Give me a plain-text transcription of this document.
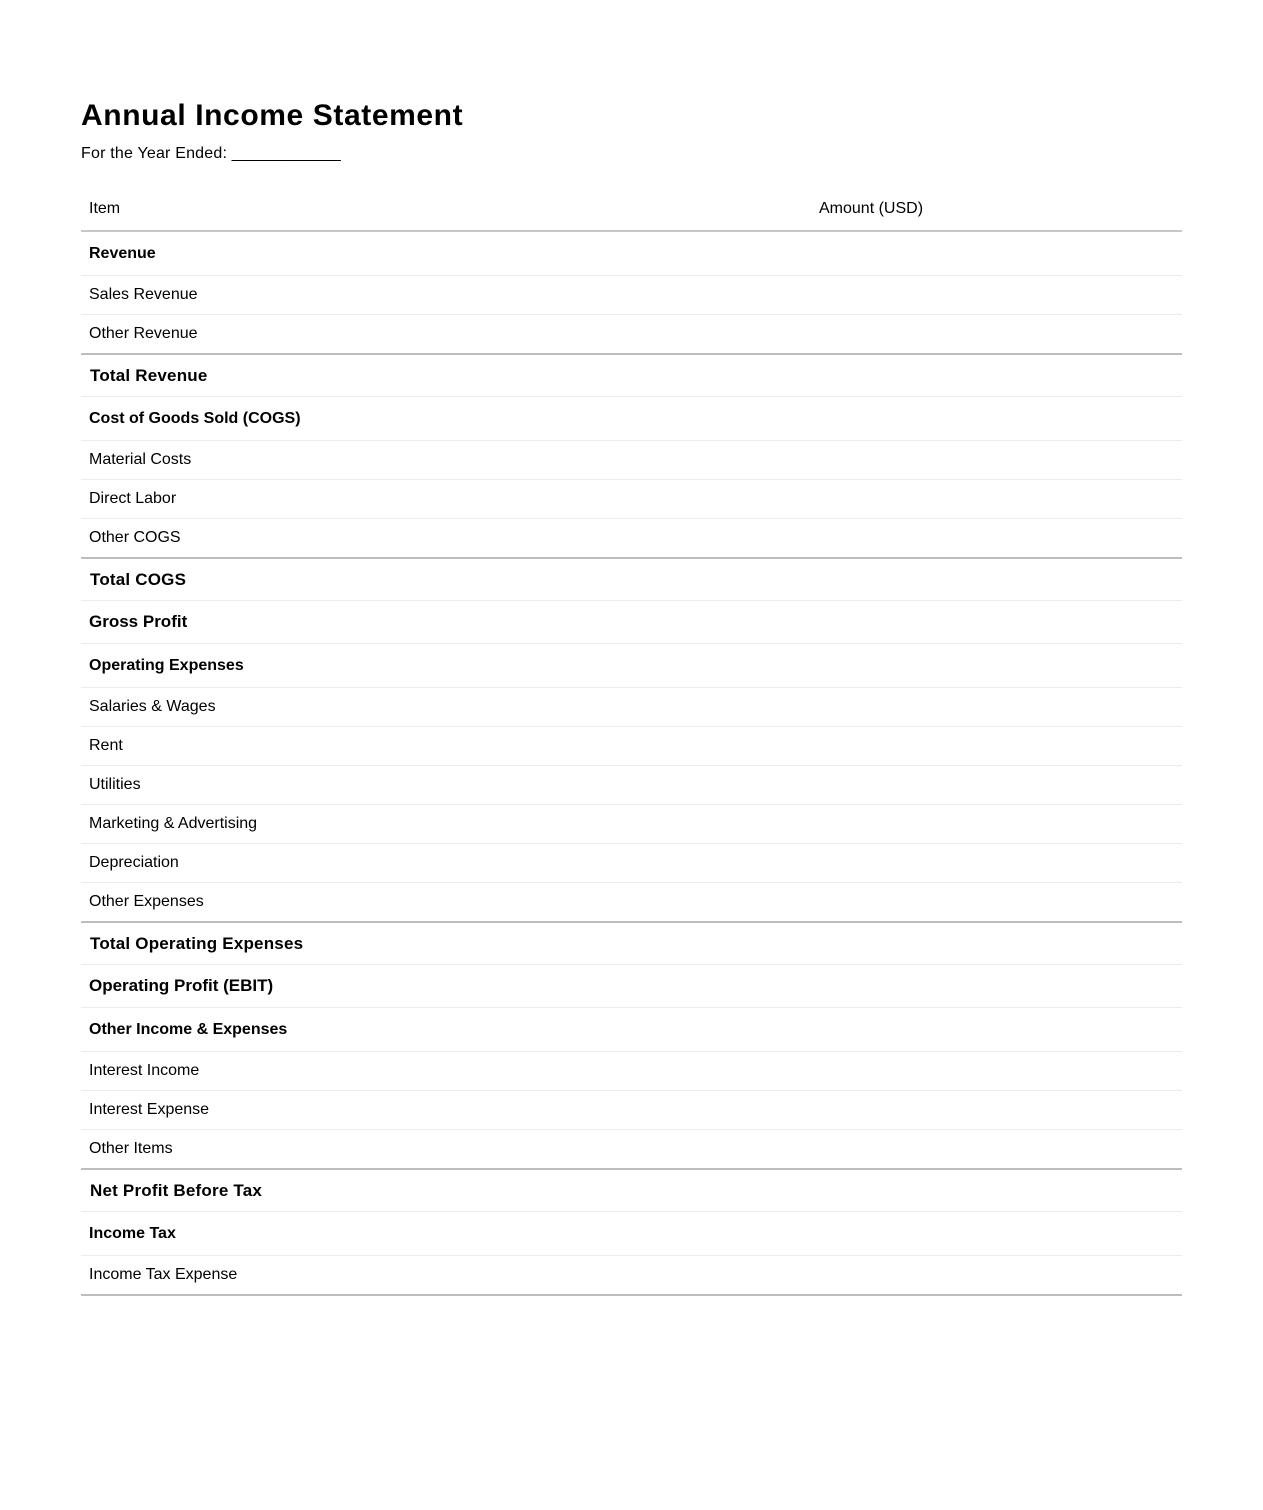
Annual Income Statement
For the Year Ended: ____________
Item	Amount (USD)
Revenue	
Sales Revenue	
Other Revenue	
Total Revenue	
Cost of Goods Sold (COGS)	
Material Costs	
Direct Labor	
Other COGS	
Total COGS	
Gross Profit	
Operating Expenses	
Salaries & Wages	
Rent	
Utilities	
Marketing & Advertising	
Depreciation	
Other Expenses	
Total Operating Expenses	
Operating Profit (EBIT)	
Other Income & Expenses	
Interest Income	
Interest Expense	
Other Items	
Net Profit Before Tax	
Income Tax	
Income Tax Expense	
